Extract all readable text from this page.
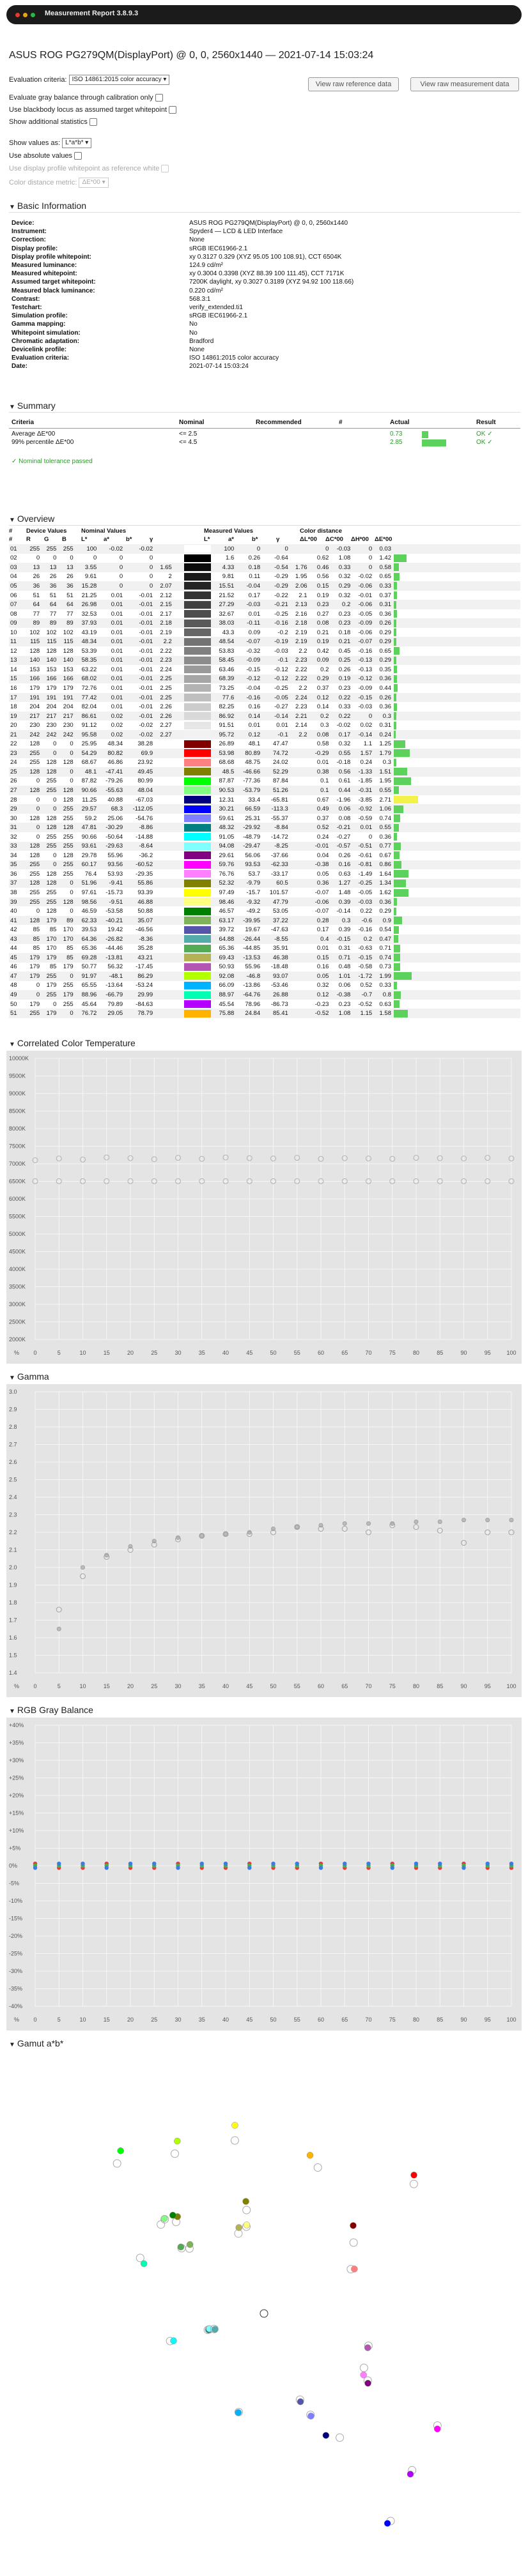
Measurement Report 3.8.9.3
ASUS ROG PG279QM(DisplayPort) @ 0, 0, 2560x1440 — 2021-07-14 15:03:24
Evaluation criteria: ISO 14861:2015 color accuracy ▾
View raw reference data	View raw measurement data
Evaluate gray balance through calibration only
Use blackbody locus as assumed target whitepoint
Show additional statistics
Show values as: L*a*b* ▾
Use absolute values
Use display profile whitepoint as reference white
Color distance metric: ΔE*00 ▾
▼ Basic Information
Device:	ASUS ROG PG279QM(DisplayPort) @ 0, 0, 2560x1440
Instrument:	Spyder4 — LCD & LED Interface
Correction:	None
Display profile:	sRGB IEC61966-2.1
Display profile whitepoint:	xy 0.3127 0.329 (XYZ 95.05 100 108.91), CCT 6504K
Measured luminance:	124.9 cd/m²
Measured whitepoint:	xy 0.3004 0.3398 (XYZ 88.39 100 111.45), CCT 7171K
Assumed target whitepoint:	7200K daylight, xy 0.3027 0.3189 (XYZ 94.92 100 118.66)
Measured black luminance:	0.220 cd/m²
Contrast:	568.3:1
Testchart:	verify_extended.ti1
Simulation profile:	sRGB IEC61966-2.1
Gamma mapping:	No
Whitepoint simulation:	No
Chromatic adaptation:	Bradford
Devicelink profile:	None
Evaluation criteria:	ISO 14861:2015 color accuracy
Date:	2021-07-14 15:03:24
▼ Summary
Criteria	Nominal	Recommended	#	Actual	Result
Average ΔE*00	<= 2.5	0.73	OK ✓
99% percentile ΔE*00	<= 4.5	2.85	OK ✓
✓ Nominal tolerance passed
▼ Overview
# Device Values Nominal Values	Measured Values	Color distance
# R G B L*	a*	b*	γ	L*	a*	b*	γ	ΔL*00 ΔC*00 ΔH*00 ΔE*00
01	255	255	255	100	-0.02	-0.02			100	0	0		0	-0.03	0	0.03	
02	0	0	0	0	0	0			1.6	0.26	-0.64		0.62	1.08	0	1.42	
03	13	13	13	3.55	0	0	1.65		4.33	0.18	-0.54	1.76	0.46	0.33	0	0.58	
04	26	26	26	9.61	0	0	2		9.81	0.11	-0.29	1.95	0.56	0.32	-0.02	0.65	
05	36	36	36	15.28	0	0	2.07		15.51	-0.04	-0.29	2.06	0.15	0.29	-0.06	0.33	
06	51	51	51	21.25	0.01	-0.01	2.12		21.52	0.17	-0.22	2.1	0.19	0.32	-0.01	0.37	
07	64	64	64	26.98	0.01	-0.01	2.15		27.29	-0.03	-0.21	2.13	0.23	0.2	-0.06	0.31	
08	77	77	77	32.53	0.01	-0.01	2.17		32.67	0.01	-0.25	2.16	0.27	0.23	-0.05	0.36	
09	89	89	89	37.93	0.01	-0.01	2.18		38.03	-0.11	-0.16	2.18	0.08	0.23	-0.09	0.26	
10	102	102	102	43.19	0.01	-0.01	2.19		43.3	0.09	-0.2	2.19	0.21	0.18	-0.06	0.29	
11	115	115	115	48.34	0.01	-0.01	2.2		48.54	-0.07	-0.19	2.19	0.19	0.21	-0.07	0.29	
12	128	128	128	53.39	0.01	-0.01	2.22		53.83	-0.32	-0.03	2.2	0.42	0.45	-0.16	0.65	
13	140	140	140	58.35	0.01	-0.01	2.23		58.45	-0.09	-0.1	2.23	0.09	0.25	-0.13	0.29	
14	153	153	153	63.22	0.01	-0.01	2.24		63.46	-0.15	-0.12	2.22	0.2	0.26	-0.13	0.35	
15	166	166	166	68.02	0.01	-0.01	2.25		68.39	-0.12	-0.12	2.22	0.29	0.19	-0.12	0.36	
16	179	179	179	72.76	0.01	-0.01	2.25		73.25	-0.04	-0.25	2.2	0.37	0.23	-0.09	0.44	
17	191	191	191	77.42	0.01	-0.01	2.25		77.6	-0.16	-0.05	2.24	0.12	0.22	-0.15	0.26	
18	204	204	204	82.04	0.01	-0.01	2.26		82.25	0.16	-0.27	2.23	0.14	0.33	-0.03	0.36	
19	217	217	217	86.61	0.02	-0.01	2.26		86.92	0.14	-0.14	2.21	0.2	0.22	0	0.3	
20	230	230	230	91.12	0.02	-0.02	2.27		91.51	0.01	0.01	2.14	0.3	-0.02	0.02	0.31	
21	242	242	242	95.58	0.02	-0.02	2.27		95.72	0.12	-0.1	2.2	0.08	0.17	-0.14	0.24	
22	128	0	0	25.95	48.34	38.28			26.89	48.1	47.47		0.58	0.32	1.1	1.25	
23	255	0	0	54.29	80.82	69.9			53.98	80.89	74.72		-0.29	0.55	1.57	1.79	
24	255	128	128	68.67	46.86	23.92			68.68	48.75	24.02		0.01	-0.18	0.24	0.3	
25	128	128	0	48.1	-47.41	49.45			48.5	-46.66	52.29		0.38	0.56	-1.33	1.51	
26	0	255	0	87.82	-79.26	80.99			87.87	-77.36	87.84		0.1	0.61	-1.85	1.95	
27	128	255	128	90.66	-55.63	48.04			90.53	-53.79	51.26		0.1	0.44	-0.31	0.55	
28	0	0	128	11.25	40.88	-67.03			12.31	33.4	-65.81		0.67	-1.96	-3.85	2.71	
29	0	0	255	29.57	68.3	-112.05			30.21	66.59	-113.3		0.49	0.06	-0.92	1.06	
30	128	128	255	59.2	25.06	-54.76			59.61	25.31	-55.37		0.37	0.08	-0.59	0.74	
31	0	128	128	47.81	-30.29	-8.86			48.32	-29.92	-8.84		0.52	-0.21	0.01	0.55	
32	0	255	255	90.66	-50.64	-14.88			91.05	-48.79	-14.72		0.24	-0.27	0	0.36	
33	128	255	255	93.61	-29.63	-8.64			94.08	-29.47	-8.25		-0.01	-0.57	-0.51	0.77	
34	128	0	128	29.78	55.96	-36.2			29.61	56.06	-37.66		0.04	0.26	-0.61	0.67	
35	255	0	255	60.17	93.56	-60.52			59.76	93.53	-62.33		-0.38	0.16	-0.81	0.86	
36	255	128	255	76.4	53.93	-29.35			76.76	53.7	-33.17		0.05	0.63	-1.49	1.64	
37	128	128	0	51.96	-9.41	55.86			52.32	-9.79	60.5		0.36	1.27	-0.25	1.34	
38	255	255	0	97.61	-15.73	93.39			97.49	-15.7	101.57		-0.07	1.48	-0.05	1.62	
39	255	255	128	98.56	-9.51	46.88			98.46	-9.32	47.79		-0.06	0.39	-0.03	0.36	
40	0	128	0	46.59	-53.58	50.88			46.57	-49.2	53.05		-0.07	-0.14	0.22	0.29	
41	128	179	89	62.33	-40.21	35.07			63.17	-39.95	37.22		0.28	0.3	-0.6	0.9	
42	85	85	170	39.53	19.42	-46.56			39.72	19.67	-47.63		0.17	0.39	-0.16	0.54	
43	85	170	170	64.36	-26.82	-8.36			64.88	-26.44	-8.55		0.4	-0.15	0.2	0.47	
44	85	170	85	65.36	-44.46	35.28			65.36	-44.85	35.91		0.01	0.31	-0.63	0.71	
45	179	179	85	69.28	-13.81	43.21			69.43	-13.53	46.38		0.15	0.71	-0.15	0.74	
46	179	85	179	50.77	56.32	-17.45			50.93	55.96	-18.48		0.16	0.48	-0.58	0.73	
47	179	255	0	91.97	-48.1	86.29			92.08	-46.8	93.07		0.05	1.01	-1.72	1.99	
48	0	179	255	65.55	-13.64	-53.24			66.09	-13.86	-53.46		0.32	0.06	0.52	0.33	
49	0	255	179	88.96	-66.79	29.99			88.97	-64.76	26.88		0.12	-0.38	-0.7	0.8	
50	179	0	255	45.64	79.89	-84.63			45.54	78.96	-86.73		-0.23	0.23	-0.52	0.63	
51	255	179	0	76.72	29.05	78.79			75.88	24.84	85.41		-0.52	1.08	1.15	1.58	
▼ Correlated Color Temperature
10000K
9500K
9000K
8500K
8000K
7500K
7000K
6500K
6000K
5500K
5000K
4500K
4000K
3500K
3000K
2500K
2000K
% 0	5	10	15	20	25	30	35	40	45	50	55	60	65	70	75	80	85	90	95	100
▼ Gamma
3.0
2.9
2.8
2.7
2.6
2.5
2.4
2.3
2.2
2.1
2.0
1.9
1.8
1.7
1.6
1.5
1.4
% 0	5	10	15	20	25	30	35	40	45	50	55	60	65	70	75	80	85	90	95	100
▼ RGB Gray Balance
+40%
+35%
+30%
+25%
+20%
+15%
+10%
+5%
0%
-5%
-10%
-15%
-20%
-25%
-30%
-35%
-40%
% 0	5	10	15	20	25	30	35	40	45	50	55	60	65	70	75	80	85	90	95	100
▼ Gamut a*b*
